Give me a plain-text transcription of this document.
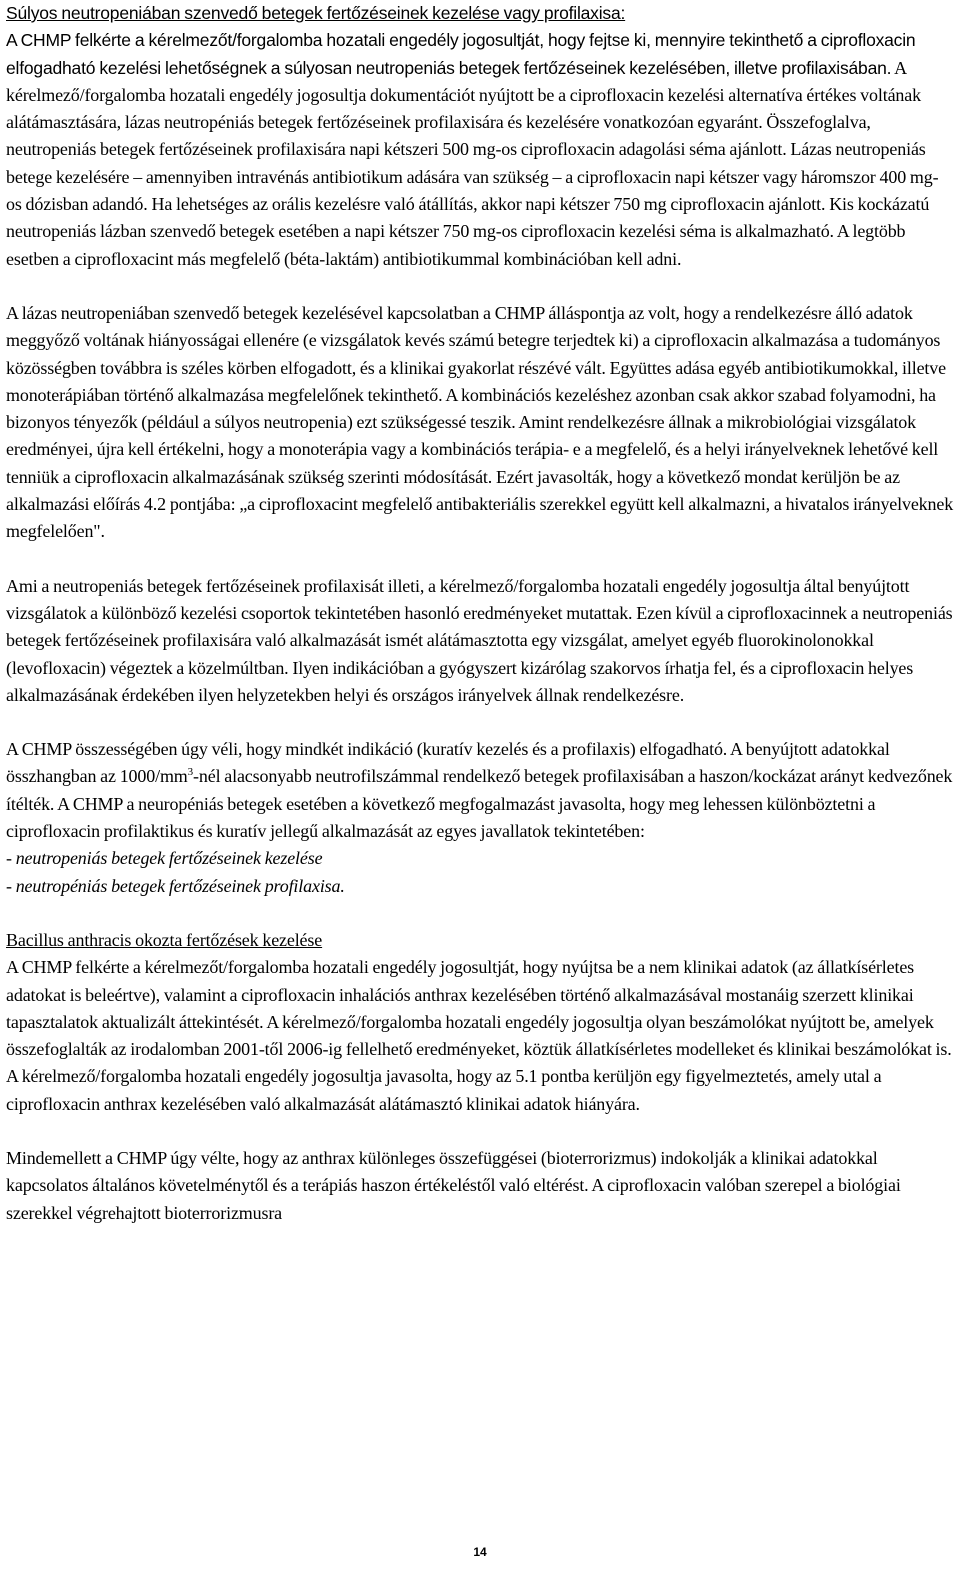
Súlyos neutropeniában szenvedő betegek fertőzéseinek kezelése vagy profilaxisa:
A CHMP felkérte a kérelmezőt/forgalomba hozatali engedély jogosultját, hogy fejtse ki, mennyire tekinthető a ciprofloxacin elfogadható kezelési lehetőségnek a súlyosan neutropeniás betegek fertőzéseinek kezelésében, illetve profilaxisában. A kérelmező/forgalomba hozatali engedély jogosultja dokumentációt nyújtott be a ciprofloxacin kezelési alternatíva értékes voltának alátámasztására, lázas neutropéniás betegek fertőzéseinek profilaxisára és kezelésére vonatkozóan egyaránt. Összefoglalva, neutropeniás betegek fertőzéseinek profilaxisára napi kétszeri 500 mg-os ciprofloxacin adagolási séma ajánlott. Lázas neutropeniás betege kezelésére – amennyiben intravénás antibiotikum adására van szükség – a ciprofloxacin napi kétszer vagy háromszor 400 mg-os dózisban adandó. Ha lehetséges az orális kezelésre való átállítás, akkor napi kétszer 750 mg ciprofloxacin ajánlott. Kis kockázatú neutropeniás lázban szenvedő betegek esetében a napi kétszer 750 mg-os ciprofloxacin kezelési séma is alkalmazható. A legtöbb esetben a ciprofloxacint más megfelelő (béta-laktám) antibiotikummal kombinációban kell adni.

A lázas neutropeniában szenvedő betegek kezelésével kapcsolatban a CHMP álláspontja az volt, hogy a rendelkezésre álló adatok meggyőző voltának hiányosságai ellenére (e vizsgálatok kevés számú betegre terjedtek ki) a ciprofloxacin alkalmazása a tudományos közösségben továbbra is széles körben elfogadott, és a klinikai gyakorlat részévé vált. Együttes adása egyéb antibiotikumokkal, illetve monoterápiában történő alkalmazása megfelelőnek tekinthető. A kombinációs kezeléshez azonban csak akkor szabad folyamodni, ha bizonyos tényezők (például a súlyos neutropenia) ezt szükségessé teszik. Amint rendelkezésre állnak a mikrobiológiai vizsgálatok eredményei, újra kell értékelni, hogy a monoterápia vagy a kombinációs terápia- e a megfelelő, és a helyi irányelveknek lehetővé kell tenniük a ciprofloxacin alkalmazásának szükség szerinti módosítását. Ezért javasolták, hogy a következő mondat kerüljön be az alkalmazási előírás 4.2 pontjába: „a ciprofloxacint megfelelő antibakteriális szerekkel együtt kell alkalmazni, a hivatalos irányelveknek megfelelően".

Ami a neutropeniás betegek fertőzéseinek profilaxisát illeti, a kérelmező/forgalomba hozatali engedély jogosultja által benyújtott vizsgálatok a különböző kezelési csoportok tekintetében hasonló eredményeket mutattak. Ezen kívül a ciprofloxacinnek a neutropeniás betegek fertőzéseinek profilaxisára való alkalmazását ismét alátámasztotta egy vizsgálat, amelyet egyéb fluorokinolonokkal (levofloxacin) végeztek a közelmúltban. Ilyen indikációban a gyógyszert kizárólag szakorvos írhatja fel, és a ciprofloxacin helyes alkalmazásának érdekében ilyen helyzetekben helyi és országos irányelvek állnak rendelkezésre.

A CHMP összességében úgy véli, hogy mindkét indikáció (kuratív kezelés és a profilaxis) elfogadható. A benyújtott adatokkal összhangban az $1000/mm^3$-nél alacsonyabb neutrofilszámmal rendelkező betegek profilaxisában a haszon/kockázat arányt kedvezőnek ítélték. A CHMP a neuropéniás betegek esetében a következő megfogalmazást javasolta, hogy meg lehessen különböztetni a ciprofloxacin profilaktikus és kuratív jellegű alkalmazását az egyes javallatok tekintetében:
- neutropeniás betegek fertőzéseinek kezelése
- neutropéniás betegek fertőzéseinek profilaxisa.

Bacillus anthracis okozta fertőzések kezelése
A CHMP felkérte a kérelmezőt/forgalomba hozatali engedély jogosultját, hogy nyújtsa be a nem klinikai adatok (az állatkísérletes adatokat is beleértve), valamint a ciprofloxacin inhalációs anthrax kezelésében történő alkalmazásával mostanáig szerzett klinikai tapasztalatok aktualizált áttekintését. A kérelmező/forgalomba hozatali engedély jogosultja olyan beszámolókat nyújtott be, amelyek összefoglalták az irodalomban 2001-től 2006-ig fellelhető eredményeket, köztük állatkísérletes modelleket és klinikai beszámolókat is. A kérelmező/forgalomba hozatali engedély jogosultja javasolta, hogy az 5.1 pontba kerüljön egy figyelmeztetés, amely utal a ciprofloxacin anthrax kezelésében való alkalmazását alátámasztó klinikai adatok hiányára.

Mindemellett a CHMP úgy vélte, hogy az anthrax különleges összefüggései (bioterrorizmus) indokolják a klinikai adatokkal kapcsolatos általános követelménytől és a terápiás haszon értékeléstől való eltérést. A ciprofloxacin valóban szerepel a biológiai szerekkel végrehajtott bioterrorizmusra

14
